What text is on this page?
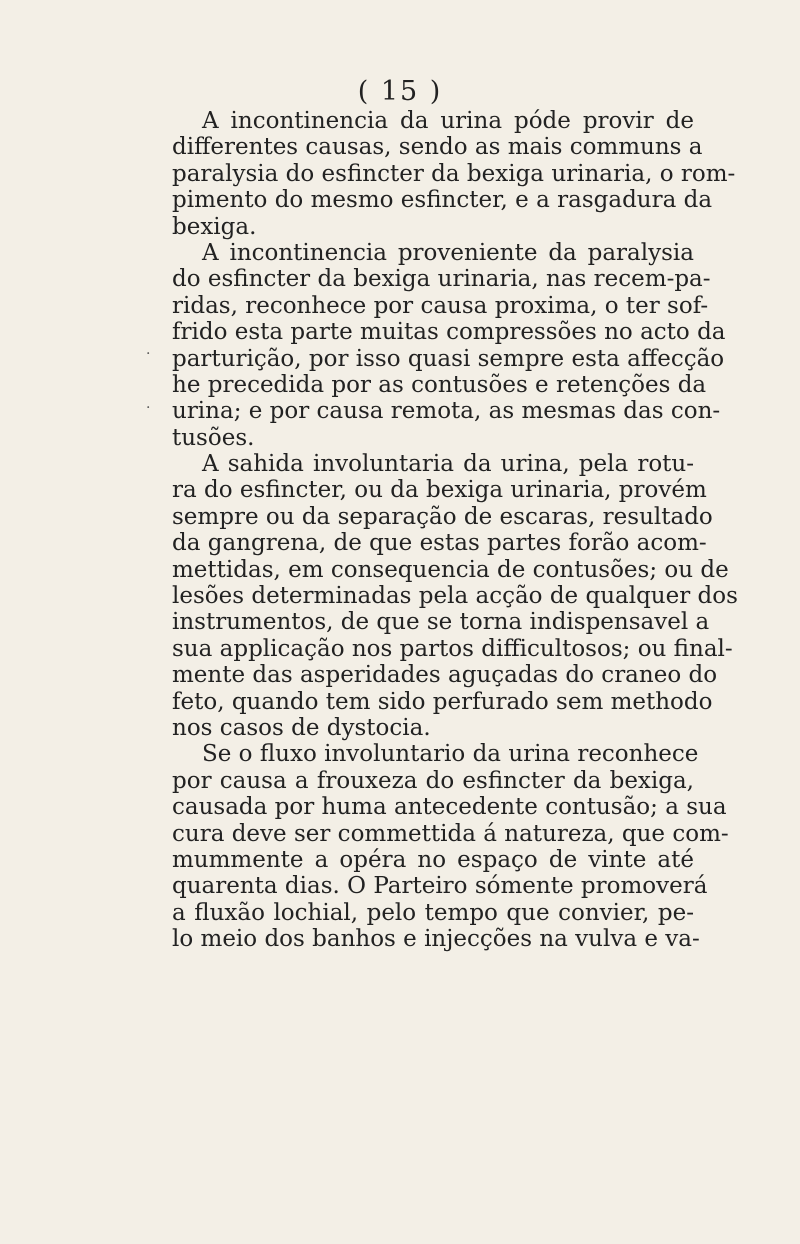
( 15 )
·
·
A incontinencia da urina póde provir de
differentes causas, sendo as mais communs a
paralysia do esfincter da bexiga urinaria, o rom-
pimento do mesmo esfincter, e a rasgadura da
bexiga.
A incontinencia proveniente da paralysia
do esfincter da bexiga urinaria, nas recem-pa-
ridas, reconhece por causa proxima, o ter sof-
frido esta parte muitas compressões no acto da
parturição, por isso quasi sempre esta affecção
he precedida por as contusões e retenções da
urina; e por causa remota, as mesmas das con-
tusões.
A sahida involuntaria da urina, pela rotu-
ra do esfincter, ou da bexiga urinaria, provém
sempre ou da separação de escaras, resultado
da gangrena, de que estas partes forão acom-
mettidas, em consequencia de contusões; ou de
lesões determinadas pela acção de qualquer dos
instrumentos, de que se torna indispensavel a
sua applicação nos partos difficultosos; ou final-
mente das asperidades aguçadas do craneo do
feto, quando tem sido perfurado sem methodo
nos casos de dystocia.
Se o fluxo involuntario da urina reconhece
por causa a frouxeza do esfincter da bexiga,
causada por huma antecedente contusão; a sua
cura deve ser commettida á natureza, que com-
mummente a opéra no espaço de vinte até
quarenta dias. O Parteiro sómente promoverá
a fluxão lochial, pelo tempo que convier, pe-
lo meio dos banhos e injecções na vulva e va-
